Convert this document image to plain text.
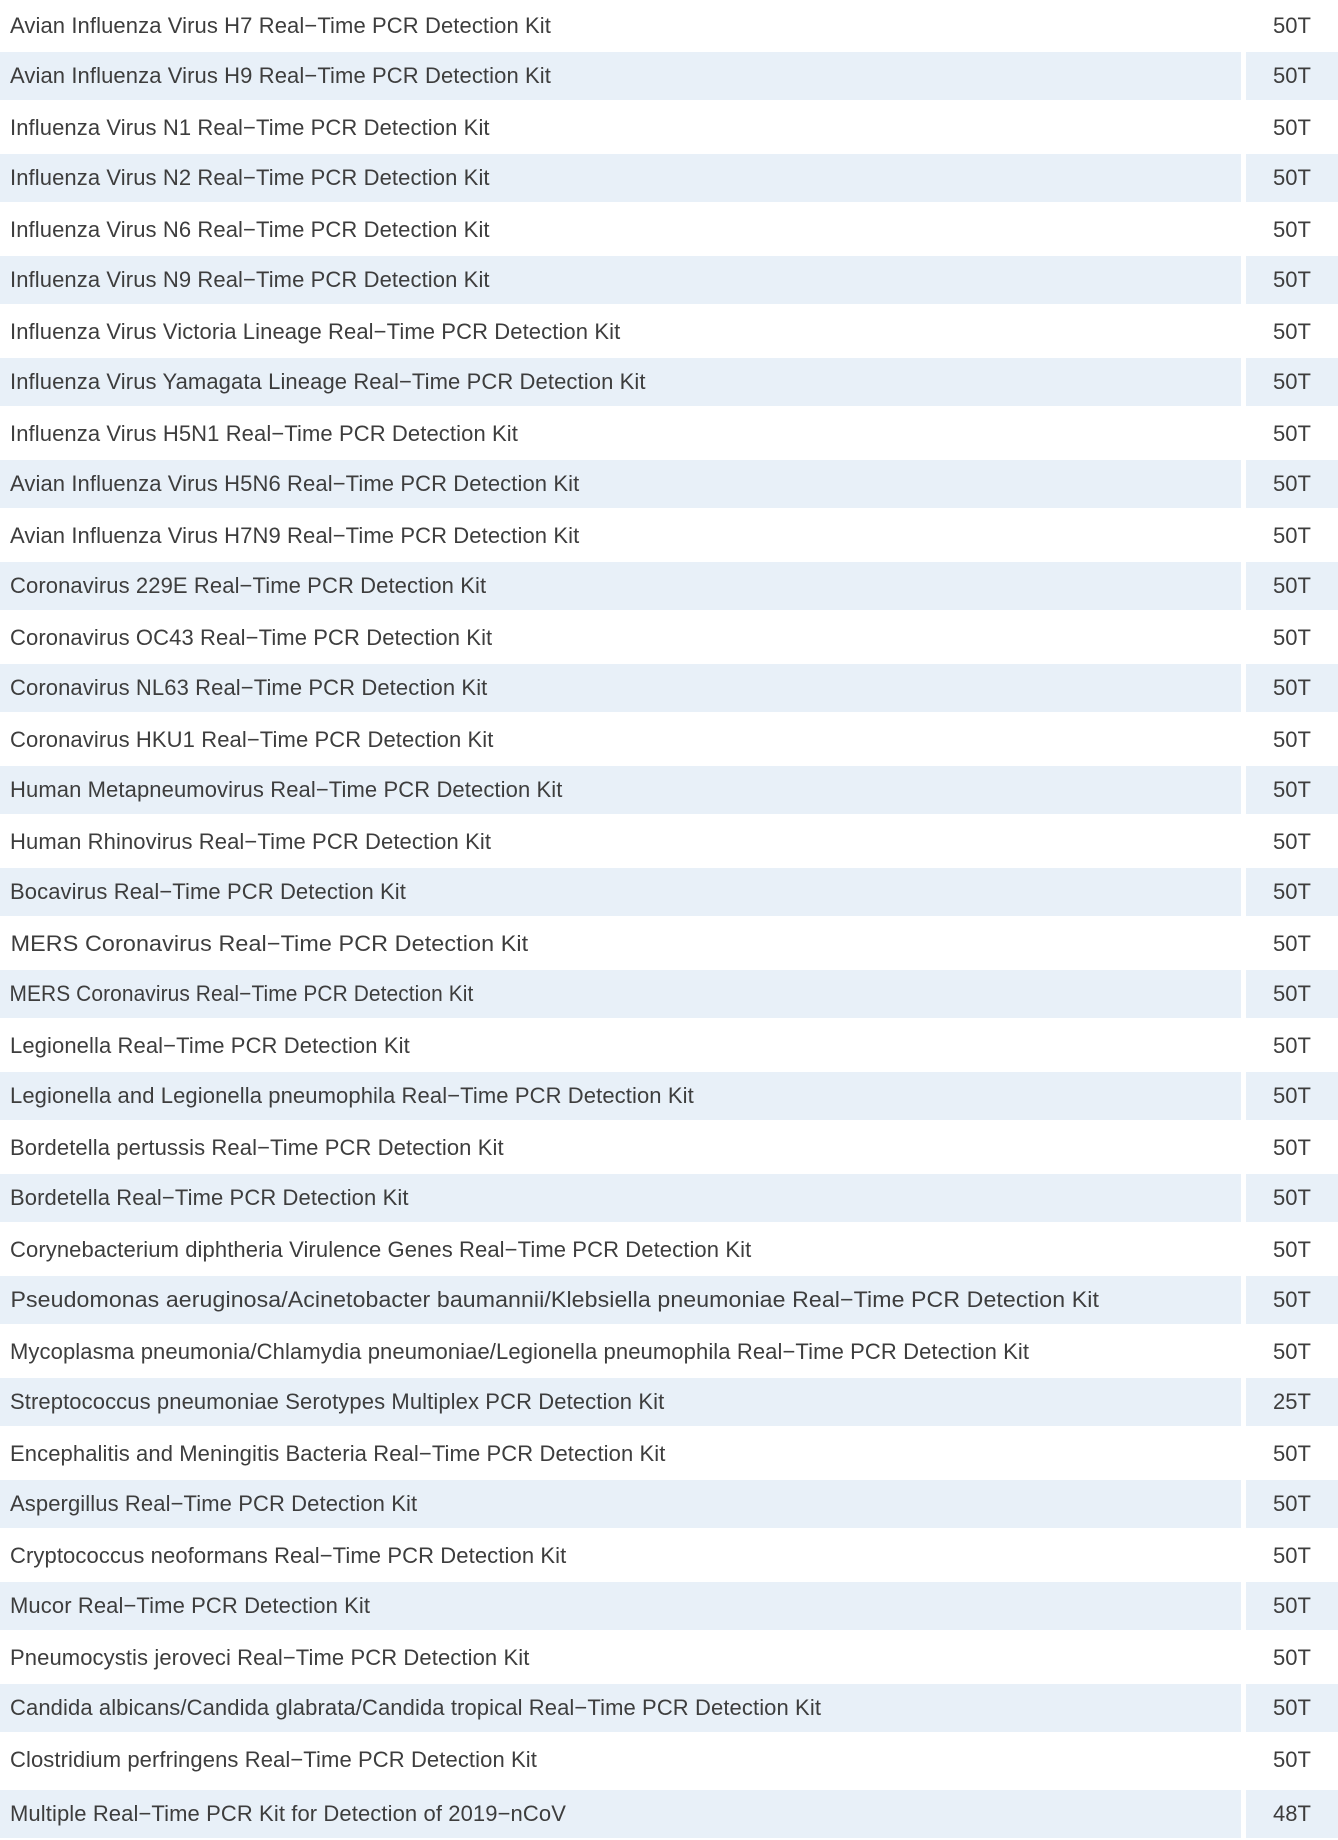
Avian Influenza Virus H7 Real−Time PCR Detection Kit	50T
Avian Influenza Virus H9 Real−Time PCR Detection Kit	50T
Influenza Virus N1 Real−Time PCR Detection Kit	50T
Influenza Virus N2 Real−Time PCR Detection Kit	50T
Influenza Virus N6 Real−Time PCR Detection Kit	50T
Influenza Virus N9 Real−Time PCR Detection Kit	50T
Influenza Virus Victoria Lineage Real−Time PCR Detection Kit	50T
Influenza Virus Yamagata Lineage Real−Time PCR Detection Kit	50T
Influenza Virus H5N1 Real−Time PCR Detection Kit	50T
Avian Influenza Virus H5N6 Real−Time PCR Detection Kit	50T
Avian Influenza Virus H7N9 Real−Time PCR Detection Kit	50T
Coronavirus 229E Real−Time PCR Detection Kit	50T
Coronavirus OC43 Real−Time PCR Detection Kit	50T
Coronavirus NL63 Real−Time PCR Detection Kit	50T
Coronavirus HKU1 Real−Time PCR Detection Kit	50T
Human Metapneumovirus Real−Time PCR Detection Kit	50T
Human Rhinovirus Real−Time PCR Detection Kit	50T
Bocavirus Real−Time PCR Detection Kit	50T
MERS Coronavirus Real−Time PCR Detection Kit	50T
MERS Coronavirus Real−Time PCR Detection Kit	50T
Legionella Real−Time PCR Detection Kit	50T
Legionella and Legionella pneumophila Real−Time PCR Detection Kit	50T
Bordetella pertussis Real−Time PCR Detection Kit	50T
Bordetella Real−Time PCR Detection Kit	50T
Corynebacterium diphtheria Virulence Genes Real−Time PCR Detection Kit	50T
Pseudomonas aeruginosa/Acinetobacter baumannii/Klebsiella pneumoniae Real−Time PCR Detection Kit	50T
Mycoplasma pneumonia/Chlamydia pneumoniae/Legionella pneumophila Real−Time PCR Detection Kit	50T
Streptococcus pneumoniae Serotypes Multiplex PCR Detection Kit	25T
Encephalitis and Meningitis Bacteria Real−Time PCR Detection Kit	50T
Aspergillus Real−Time PCR Detection Kit	50T
Cryptococcus neoformans Real−Time PCR Detection Kit	50T
Mucor Real−Time PCR Detection Kit	50T
Pneumocystis jeroveci Real−Time PCR Detection Kit	50T
Candida albicans/Candida glabrata/Candida tropical Real−Time PCR Detection Kit	50T
Clostridium perfringens Real−Time PCR Detection Kit	50T
Multiple Real−Time PCR Kit for Detection of 2019−nCoV	48T
